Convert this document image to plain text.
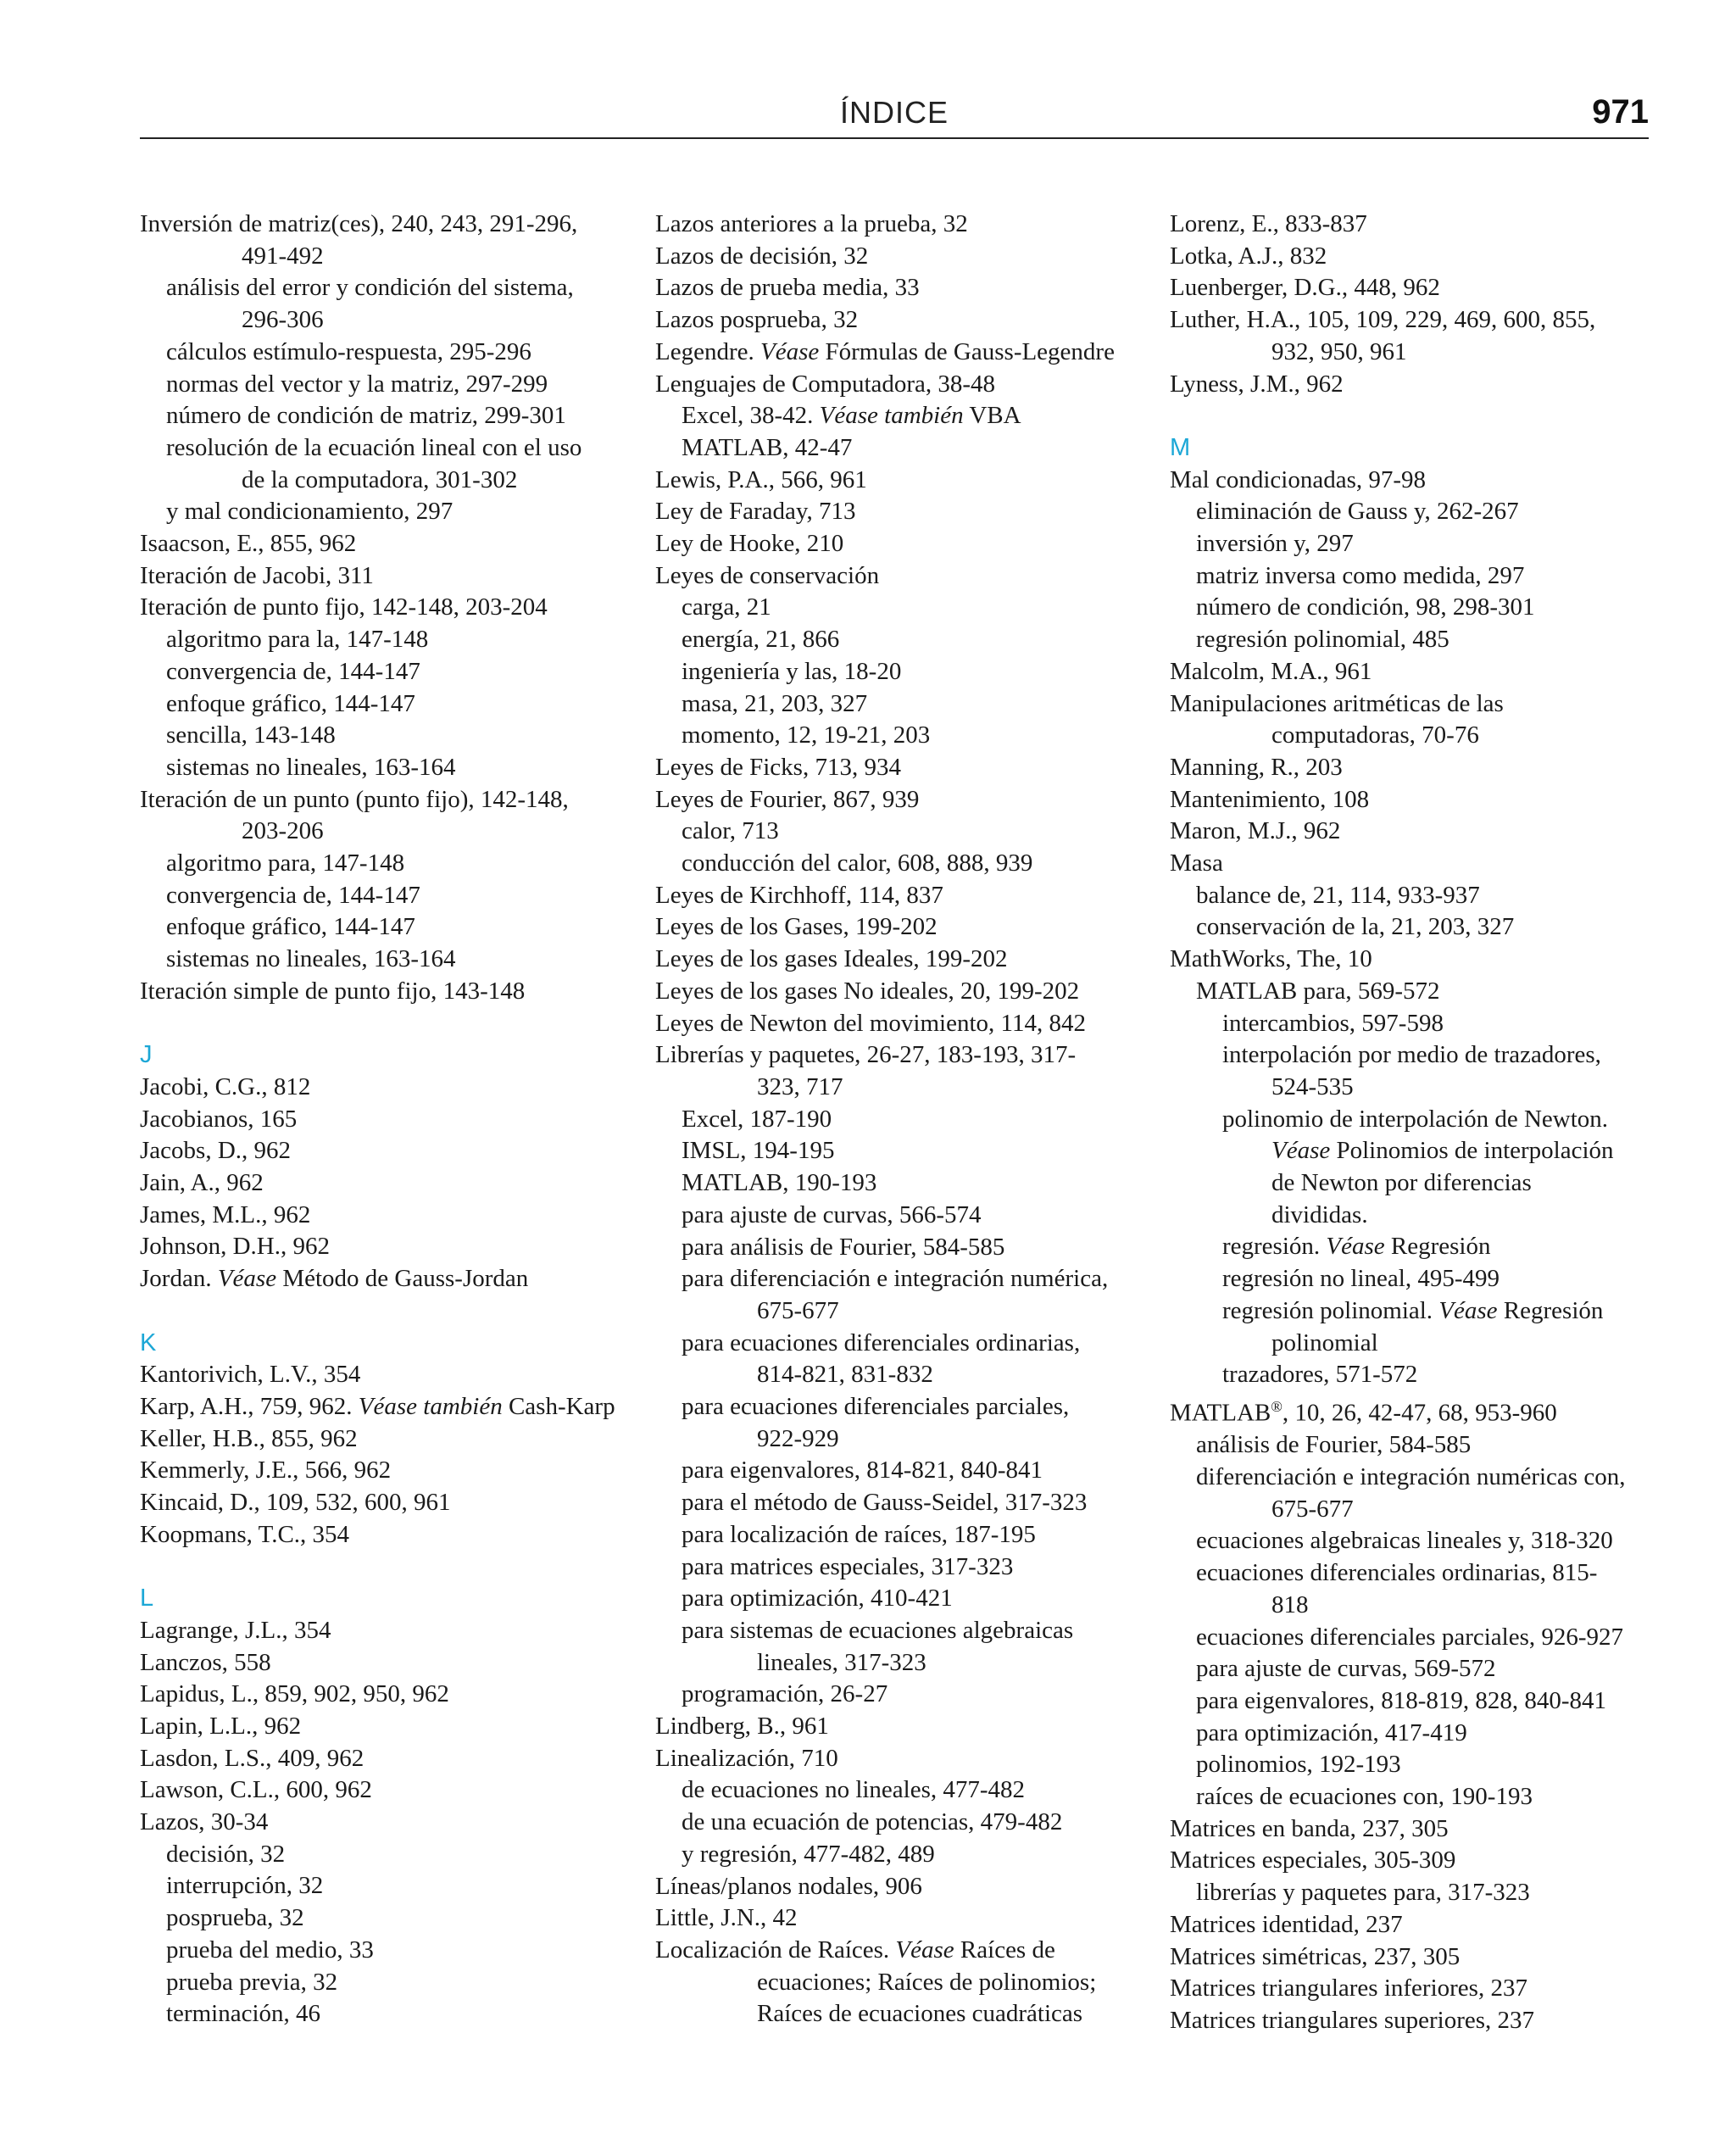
ÍNDICE	971
Inversión de matriz(ces), 240, 243, 291-296,
491-492
análisis del error y condición del sistema,
296-306
cálculos estímulo-respuesta, 295-296
normas del vector y la matriz, 297-299
número de condición de matriz, 299-301
resolución de la ecuación lineal con el uso
de la computadora, 301-302
y mal condicionamiento, 297
Isaacson, E., 855, 962
Iteración de Jacobi, 311
Iteración de punto fijo, 142-148, 203-204
algoritmo para la, 147-148
convergencia de, 144-147
enfoque gráfico, 144-147
sencilla, 143-148
sistemas no lineales, 163-164
Iteración de un punto (punto fijo), 142-148,
203-206
algoritmo para, 147-148
convergencia de, 144-147
enfoque gráfico, 144-147
sistemas no lineales, 163-164
Iteración simple de punto fijo, 143-148
J
Jacobi, C.G., 812
Jacobianos, 165
Jacobs, D., 962
Jain, A., 962
James, M.L., 962
Johnson, D.H., 962
Jordan. Véase Método de Gauss-Jordan
K
Kantorivich, L.V., 354
Karp, A.H., 759, 962. Véase también Cash-Karp
Keller, H.B., 855, 962
Kemmerly, J.E., 566, 962
Kincaid, D., 109, 532, 600, 961
Koopmans, T.C., 354
L
Lagrange, J.L., 354
Lanczos, 558
Lapidus, L., 859, 902, 950, 962
Lapin, L.L., 962
Lasdon, L.S., 409, 962
Lawson, C.L., 600, 962
Lazos, 30-34
decisión, 32
interrupción, 32
posprueba, 32
prueba del medio, 33
prueba previa, 32
terminación, 46
Lazos anteriores a la prueba, 32
Lazos de decisión, 32
Lazos de prueba media, 33
Lazos posprueba, 32
Legendre. Véase Fórmulas de Gauss-Legendre
Lenguajes de Computadora, 38-48
Excel, 38-42. Véase también VBA
MATLAB, 42-47
Lewis, P.A., 566, 961
Ley de Faraday, 713
Ley de Hooke, 210
Leyes de conservación
carga, 21
energía, 21, 866
ingeniería y las, 18-20
masa, 21, 203, 327
momento, 12, 19-21, 203
Leyes de Ficks, 713, 934
Leyes de Fourier, 867, 939
calor, 713
conducción del calor, 608, 888, 939
Leyes de Kirchhoff, 114, 837
Leyes de los Gases, 199-202
Leyes de los gases Ideales, 199-202
Leyes de los gases No ideales, 20, 199-202
Leyes de Newton del movimiento, 114, 842
Librerías y paquetes, 26-27, 183-193, 317-
323, 717
Excel, 187-190
IMSL, 194-195
MATLAB, 190-193
para ajuste de curvas, 566-574
para análisis de Fourier, 584-585
para diferenciación e integración numérica,
675-677
para ecuaciones diferenciales ordinarias,
814-821, 831-832
para ecuaciones diferenciales parciales,
922-929
para eigenvalores, 814-821, 840-841
para el método de Gauss-Seidel, 317-323
para localización de raíces, 187-195
para matrices especiales, 317-323
para optimización, 410-421
para sistemas de ecuaciones algebraicas
lineales, 317-323
programación, 26-27
Lindberg, B., 961
Linealización, 710
de ecuaciones no lineales, 477-482
de una ecuación de potencias, 479-482
y regresión, 477-482, 489
Líneas/planos nodales, 906
Little, J.N., 42
Localización de Raíces. Véase Raíces de
ecuaciones; Raíces de polinomios;
Raíces de ecuaciones cuadráticas
Lorenz, E., 833-837
Lotka, A.J., 832
Luenberger, D.G., 448, 962
Luther, H.A., 105, 109, 229, 469, 600, 855,
932, 950, 961
Lyness, J.M., 962
M
Mal condicionadas, 97-98
eliminación de Gauss y, 262-267
inversión y, 297
matriz inversa como medida, 297
número de condición, 98, 298-301
regresión polinomial, 485
Malcolm, M.A., 961
Manipulaciones aritméticas de las
computadoras, 70-76
Manning, R., 203
Mantenimiento, 108
Maron, M.J., 962
Masa
balance de, 21, 114, 933-937
conservación de la, 21, 203, 327
MathWorks, The, 10
MATLAB para, 569-572
intercambios, 597-598
interpolación por medio de trazadores,
524-535
polinomio de interpolación de Newton.
Véase Polinomios de interpolación
de Newton por diferencias
divididas.
regresión. Véase Regresión
regresión no lineal, 495-499
regresión polinomial. Véase Regresión
polinomial
trazadores, 571-572
MATLAB®, 10, 26, 42-47, 68, 953-960
análisis de Fourier, 584-585
diferenciación e integración numéricas con,
675-677
ecuaciones algebraicas lineales y, 318-320
ecuaciones diferenciales ordinarias, 815-
818
ecuaciones diferenciales parciales, 926-927
para ajuste de curvas, 569-572
para eigenvalores, 818-819, 828, 840-841
para optimización, 417-419
polinomios, 192-193
raíces de ecuaciones con, 190-193
Matrices en banda, 237, 305
Matrices especiales, 305-309
librerías y paquetes para, 317-323
Matrices identidad, 237
Matrices simétricas, 237, 305
Matrices triangulares inferiores, 237
Matrices triangulares superiores, 237
